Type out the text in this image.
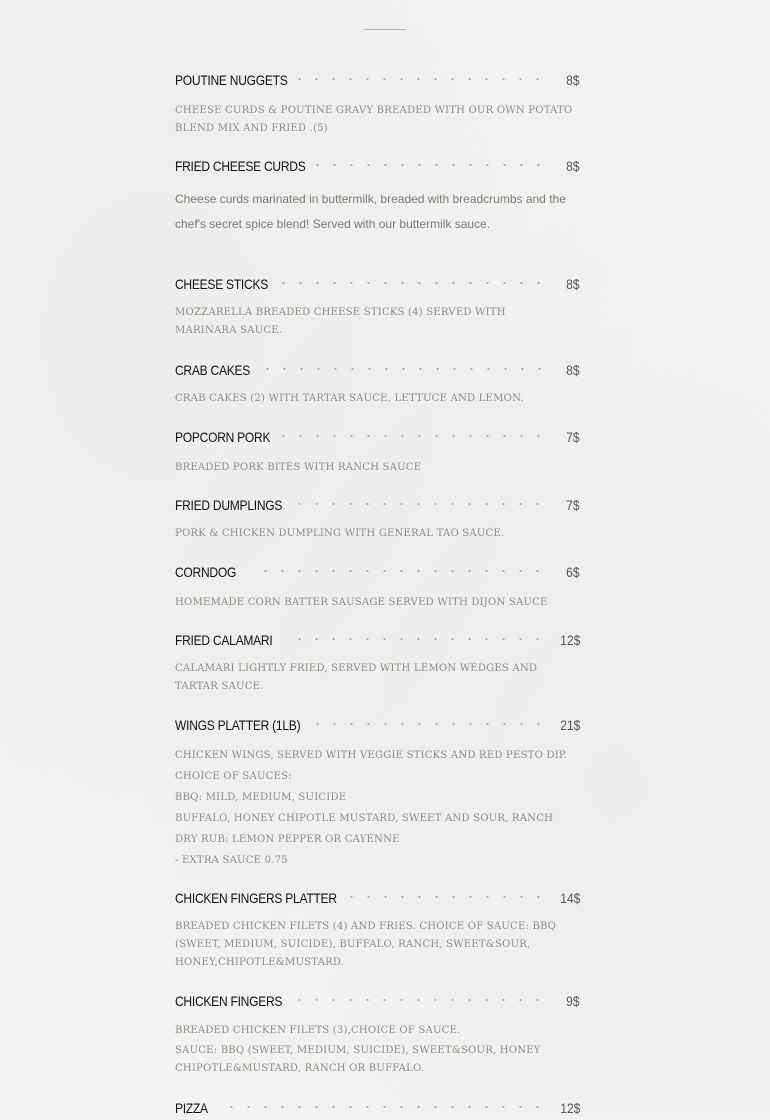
POUTINE NUGGETS	8$

CHEESE CURDS & POUTINE GRAVY BREADED WITH OUR OWN POTATO BLEND MIX AND FRIED .(5)

FRIED CHEESE CURDS	8$

Cheese curds marinated in buttermilk, breaded with breadcrumbs and the chef's secret spice blend! Served with our buttermilk sauce.

CHEESE STICKS	8$

MOZZARELLA BREADED CHEESE STICKS (4) SERVED WITH MARINARA SAUCE.

CRAB CAKES	8$

CRAB CAKES (2) WITH TARTAR SAUCE, LETTUCE AND LEMON.

POPCORN PORK	7$

BREADED PORK BITES WITH RANCH SAUCE

FRIED DUMPLINGS	7$

PORK & CHICKEN DUMPLING WITH GENERAL TAO SAUCE.

CORNDOG	6$

HOMEMADE CORN BATTER SAUSAGE SERVED WITH DIJON SAUCE

FRIED CALAMARI	12$

CALAMARI LIGHTLY FRIED, SERVED WITH LEMON WEDGES AND TARTAR SAUCE.

WINGS PLATTER (1LB)	21$

CHICKEN WINGS, SERVED WITH VEGGIE STICKS AND RED PESTO DIP.

CHOICE OF SAUCES:

BBQ: MILD, MEDIUM, SUICIDE

BUFFALO, HONEY CHIPOTLE MUSTARD, SWEET AND SOUR, RANCH

DRY RUB: LEMON PEPPER OR CAYENNE

- EXTRA SAUCE 0.75

CHICKEN FINGERS PLATTER	14$

BREADED CHICKEN FILETS (4) AND FRIES. CHOICE OF SAUCE: BBQ (SWEET, MEDIUM, SUICIDE), BUFFALO, RANCH, SWEET&SOUR, HONEY,CHIPOTLE&MUSTARD.

CHICKEN FINGERS	9$

BREADED CHICKEN FILETS (3),CHOICE OF SAUCE.

SAUCE: BBQ (SWEET, MEDIUM, SUICIDE), SWEET&SOUR, HONEY CHIPOTLE&MUSTARD, RANCH OR BUFFALO.

PIZZA	12$
